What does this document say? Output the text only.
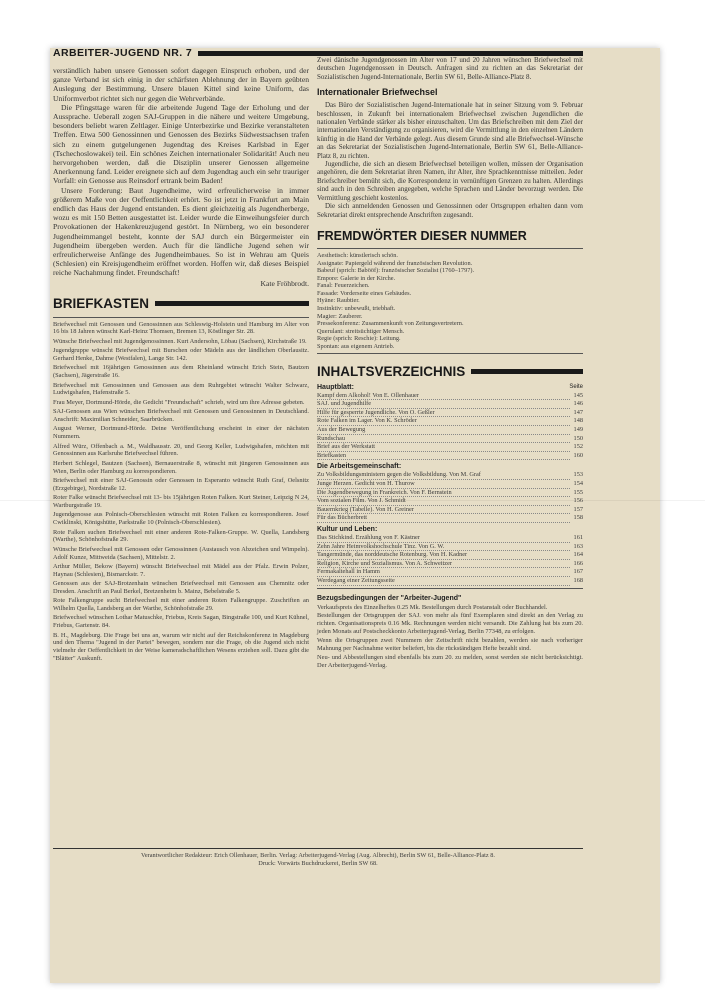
ARBEITER-JUGEND NR. 7

verständlich haben unsere Genossen sofort dagegen Einspruch erhoben, und der ganze Verband ist sich einig in der schärfsten Ablehnung der in Bayern geübten Auslegung der Bestimmung. Unsere blauen Kittel sind keine Uniform, das Uniformverbot richtet sich nur gegen die Wehrverbände.

Die Pfingsttage waren für die arbeitende Jugend Tage der Erholung und der Aussprache. Ueberall zogen SAJ-Gruppen in die nähere und weitere Umgebung, besonders beliebt waren Zeltlager. Einige Unterbezirke und Bezirke veranstalteten Treffen. Etwa 500 Genossinnen und Genossen des Bezirks Südwestsachsen trafen sich zu einem gutgelungenen Jugendtag des Kreises Karlsbad in Eger (Tschechoslowakei) teil. Ein schönes Zeichen internationaler Solidarität! Auch neu hervorgehoben werden, daß die Disziplin unserer Genossen allgemeine Anerkennung fand. Leider ereignete sich auf dem Jugendtag auch ein sehr trauriger Vorfall: ein Genosse aus Reinsdorf ertrank beim Baden!

Unsere Forderung: Baut Jugendheime, wird erfreulicherweise in immer größerem Maße von der Oeffentlichkeit erhört. So ist jetzt in Frankfurt am Main endlich das Haus der Jugend entstanden. Es dient gleichzeitig als Jugendherberge, wozu es mit 150 Betten ausgestattet ist. Leider wurde die Einweihungsfeier durch Provokationen der Hakenkreuzjugend gestört. In Nürnberg, wo ein besonderer Jugendheimmangel besteht, konnte der SAJ durch ein Bürgermeister ein Jugendheim übergeben werden. Auch für die ländliche Jugend sehen wir erfreulicherweise Anfänge des Jugendheimbaues. So ist in Wehrau am Queis (Schlesien) ein Kreisjugendheim eröffnet worden. Hoffen wir, daß dieses Beispiel reiche Nachahmung findet. Freundschaft!

Kate Fröhbrodt.
BRIEFKASTEN

Briefwechsel mit Genossen und Genossinnen aus Schleswig-Holstein und Hamburg im Alter von 16 bis 18 Jahren wünscht Karl-Heinz Thomsen, Bremen 13, Köstlinger Str. 28.

Wünsche Briefwechsel mit Jugendgenossinnen. Kurt Andersohn, Löbau (Sachsen), Kirchstraße 19.

Jugendgruppe wünscht Briefwechsel mit Burschen oder Mädeln aus der ländlichen Oberlausitz. Gerhard Henke, Dahme (Westfalen), Lange Str. 142.

Briefwechsel mit 16jährigen Genossinnen aus dem Rheinland wünscht Erich Stein, Bautzen (Sachsen), Jägerstraße 16.

Briefwechsel mit Genossinnen und Genossen aus dem Ruhrgebiet wünscht Walter Schwarz, Ludwigshafen, Hafenstraße 5.

Frau Meyer, Dortmund-Hörde, die Gedicht "Freundschaft" schrieb, wird um ihre Adresse gebeten.

SAJ-Genossen aus Wien wünschen Briefwechsel mit Genossen und Genossinnen in Deutschland. Anschrift: Maximilian Schneider, Saarbrücken.

August Werner, Dortmund-Hörde. Deine Veröffentlichung erscheint in einer der nächsten Nummern.

Alfred Würz, Offenbach a. M., Waldhausstr. 20, und Georg Keller, Ludwigshafen, möchten mit Genossinnen aus Karlsruhe Briefwechsel führen.

Herbert Schlegel, Bautzen (Sachsen), Bernauerstraße 8, wünscht mit jüngeren Genossinnen aus Wien, Berlin oder Hamburg zu korrespondieren.

Briefwechsel mit einer SAJ-Genossin oder Genossen in Esperanto wünscht Ruth Graf, Oelsnitz (Erzgebirge), Nordstraße 12.

Roter Falke wünscht Briefwechsel mit 13- bis 15jährigen Roten Falken. Kurt Steiner, Leipzig N 24, Wartburgstraße 19.

Jugendgenosse aus Polnisch-Oberschlesien wünscht mit Roten Falken zu korrespondieren. Josef Cwiklinski, Königshütte, Parkstraße 10 (Polnisch-Oberschlesien).

Rote Falken suchen Briefwechsel mit einer anderen Rote-Falken-Gruppe. W. Quella, Landsberg (Warthe), Schönhofstraße 29.

Wünsche Briefwechsel mit Genossen oder Genossinnen (Austausch von Abzeichen und Wimpeln). Adolf Kunze, Mittweida (Sachsen), Mittelstr. 2.

Arthur Müller, Bekow (Bayern) wünscht Briefwechsel mit Mädel aus der Pfalz. Erwin Polzer, Haynau (Schlesien), Bismarckstr. 7.

Genossen aus der SAJ-Brotzenhain wünschen Briefwechsel mit Genossen aus Chemnitz oder Dresden. Anschrift an Paul Berkel, Bretzenheim b. Mainz, Bebelstraße 5.

Rote Falkengruppe sucht Briefwechsel mit einer anderen Roten Falkengruppe. Zuschriften an Wilhelm Quella, Landsberg an der Warthe, Schönhofstraße 29.

Briefwechsel wünschen Lothar Matuschke, Friebus, Kreis Sagan, Bingstraße 100, und Kurt Kühnel, Friebus, Gartenstr. 84.

B. H., Magdeburg. Die Frage bei uns an, warum wir nicht auf der Reichskonferenz in Magdeburg und den Thema "Jugend in der Partei" bewegen, sondern nur die Frage, ob die Jugend sich nicht vielmehr der Oeffentlichkeit in der Weise kameradschaftlichen Wesens erziehen soll. Dazu gibt die "Blätter" Auskunft.

Zwei dänische Jugendgenossen im Alter von 17 und 20 Jahren wünschen Briefwechsel mit deutschen Jugendgenossen in Deutsch. Anfragen sind zu richten an das Sekretariat der Sozialistischen Jugend-Internationale, Berlin SW 61, Belle-Alliance-Platz 8.

Internationaler Briefwechsel

Das Büro der Sozialistischen Jugend-Internationale hat in seiner Sitzung vom 9. Februar beschlossen, in Zukunft bei internationalem Briefwechsel zwischen Jugendlichen die nationalen Verbände stärker als bisher einzuschalten. Um das Briefschreiben mit dem Ziel der internationalen Verständigung zu organisieren, wird die Vermittlung in den einzelnen Ländern künftig in die Hand der Verbände gelegt. Aus diesem Grunde sind alle Briefwechsel-Wünsche an das Sekretariat der Sozialistischen Jugend-Internationale, Berlin SW 61, Belle-Alliance-Platz 8, zu richten.

Jugendliche, die sich an diesem Briefwechsel beteiligen wollen, müssen der Organisation angehören, die dem Sekretariat ihren Namen, ihr Alter, ihre Sprachkenntnisse mitteilen. Jeder Briefschreiber bemüht sich, die Korrespondenz in vernünftigen Grenzen zu halten. Allerdings sind auch in den Schreiben angegeben, welche Sprachen und Länder bevorzugt werden. Die Vermittlung geschieht kostenlos.

Die sich anmeldenden Genossen und Genossinnen oder Ortsgruppen erhalten dann vom Sekretariat direkt entsprechende Anschriften zugesandt.

FREMDWÖRTER DIESER NUMMER

Aesthetisch: künstlerisch schön.

Assignate: Papiergeld während der französischen Revolution.

Babeuf (sprich: Babööf): französischer Sozialist (1760–1797).

Empore: Galerie in der Kirche.

Fanal: Feuerzeichen.

Fassade: Vorderseite eines Gebäudes.

Hyäne: Raubtier.

Instinktiv: unbewußt, triebhaft.

Magier: Zauberer.

Pressekonferenz: Zusammenkunft von Zeitungsvertretern.

Querulant: streitsüchtiger Mensch.

Regie (sprich: Reschie): Leitung.

Spontan: aus eigenem Antrieb.

INHALTSVERZEICHNIS
Hauptblatt:	Seite
Kampf dem Alkohol! Von E. Ollenhauer	145
SAJ. und Jugendhilfe	146
Hilfe für gesperrte Jugendliche. Von O. Geßler	147
Rote Falken im Lager. Von K. Schröder	148
Aus der Bewegung	149
Rundschau	150
Brief aus der Werkstatt	152
Briefkasten	160
Die Arbeitsgemeinschaft:
Zu Volksbildungsministern gegen die Volksbildung. Von M. Graf	153
Junge Herzen. Gedicht von H. Thurow	154
Die Jugendbewegung in Frankreich. Von F. Bernstein	155
Vom sozialen Film. Von J. Schmidt	156
Bauernkrieg (Tabelle). Von H. Greiner	157
Für das Bücherbrett	158
Kultur und Leben:
Das Stichkind. Erzählung von F. Kästner	161
Zehn Jahre Heimvolkshochschule Tinz. Von G. W.	163
Tangermünde, das norddeutsche Rotenburg. Von H. Kadner	164
Religion, Kirche und Sozialismus. Von A. Schweitzer	166
Fermakaltehall in Hamm	167
Werdegang einer Zeitungsseite	168
Bezugsbedingungen der "Arbeiter-Jugend"

Verkaufspreis des Einzelheftes 0.25 Mk. Bestellungen durch Postanstalt oder Buchhandel.

Bestellungen der Ortsgruppen der SAJ. von mehr als fünf Exemplaren sind direkt an den Verlag zu richten. Organisationspreis 0.16 Mk. Rechnungen werden nicht versandt. Die Zahlung hat bis zum 20. jeden Monats auf Postscheckkonto Arbeiterjugend-Verlag, Berlin 77348, zu erfolgen.

Wenn die Ortsgruppen zwei Nummern der Zeitschrift nicht bezahlen, werden sie nach vorheriger Mahnung per Nachnahme weiter beliefert, bis die rückständigen Hefte bezahlt sind.

Neu- und Abbestellungen sind ebenfalls bis zum 20. zu melden, sonst werden sie nicht berücksichtigt. Der Arbeiterjugend-Verlag.

Verantwortlicher Redakteur: Erich Ollenhauer, Berlin. Verlag: Arbeiterjugend-Verlag (Aug. Albrecht), Berlin SW 61, Belle-Alliance-Platz 8.
Druck: Vorwärts Buchdruckerei, Berlin SW 68.
